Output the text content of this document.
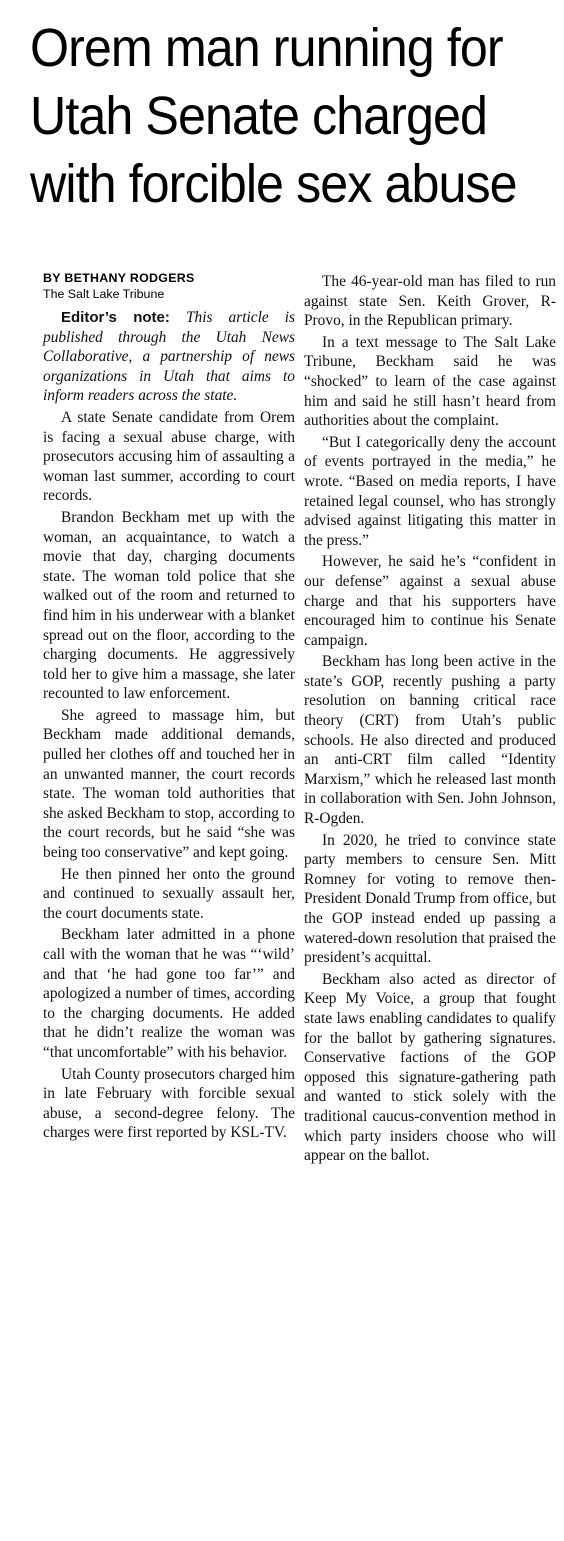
Orem man running for
Utah Senate charged
with forcible sex abuse
BY BETHANY RODGERS
The Salt Lake Tribune

Editor’s note: This article is published through the Utah News Collaborative, a partnership of news organizations in Utah that aims to inform readers across the state.

A state Senate candidate from Orem is facing a sexual abuse charge, with prosecutors accusing him of assaulting a woman last summer, according to court records.

Brandon Beckham met up with the woman, an acquaintance, to watch a movie that day, charging documents state. The woman told police that she walked out of the room and returned to find him in his underwear with a blanket spread out on the floor, according to the charging documents. He aggressively told her to give him a massage, she later recounted to law enforcement.

She agreed to massage him, but Beckham made additional demands, pulled her clothes off and touched her in an unwanted manner, the court records state. The woman told authorities that she asked Beckham to stop, according to the court records, but he said “she was being too conservative” and kept going.

He then pinned her onto the ground and continued to sexually assault her, the court documents state.

Beckham later admitted in a phone call with the woman that he was “‘wild’ and that ‘he had gone too far’” and apologized a number of times, according to the charging documents. He added that he didn’t realize the woman was “that uncomfortable” with his behavior.

Utah County prosecutors charged him in late February with forcible sexual abuse, a second-degree felony. The charges were first reported by KSL-TV.

The 46-year-old man has filed to run against state Sen. Keith Grover, R-Provo, in the Republican primary.

In a text message to The Salt Lake Tribune, Beckham said he was “shocked” to learn of the case against him and said he still hasn’t heard from authorities about the complaint.

“But I categorically deny the account of events portrayed in the media,” he wrote. “Based on media reports, I have retained legal counsel, who has strongly advised against litigating this matter in the press.”

However, he said he’s “confident in our defense” against a sexual abuse charge and that his supporters have encouraged him to continue his Senate campaign.

Beckham has long been active in the state’s GOP, recently pushing a party resolution on banning critical race theory (CRT) from Utah’s public schools. He also directed and produced an anti-CRT film called “Identity Marxism,” which he released last month in collaboration with Sen. John Johnson, R-Ogden.

In 2020, he tried to convince state party members to censure Sen. Mitt Romney for voting to remove then-President Donald Trump from office, but the GOP instead ended up passing a watered-down resolution that praised the president’s acquittal.

Beckham also acted as director of Keep My Voice, a group that fought state laws enabling candidates to qualify for the ballot by gathering signatures. Conservative factions of the GOP opposed this signature-gathering path and wanted to stick solely with the traditional caucus-convention method in which party insiders choose who will appear on the ballot.
